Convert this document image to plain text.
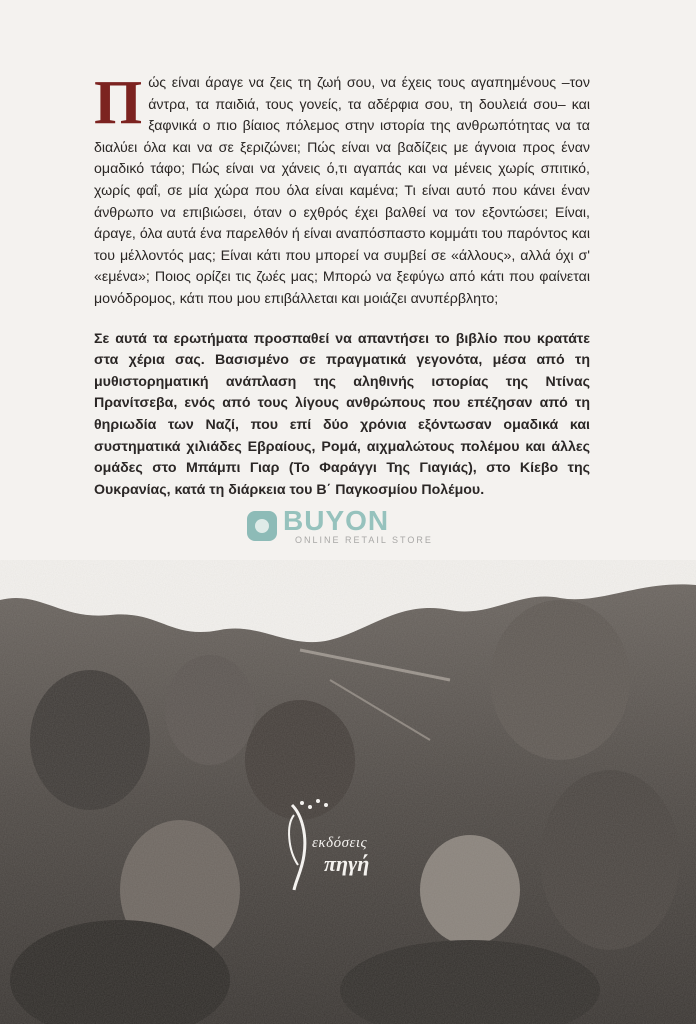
Πώς είναι άραγε να ζεις τη ζωή σου, να έχεις τους αγαπημένους –τον άντρα, τα παιδιά, τους γονείς, τα αδέρφια σου, τη δουλειά σου– και ξαφνικά ο πιο βίαιος πόλεμος στην ιστορία της ανθρωπότητας να τα διαλύει όλα και να σε ξεριζώνει; Πώς είναι να βαδίζεις με άγνοια προς έναν ομαδικό τάφο; Πώς είναι να χάνεις ό,τι αγαπάς και να μένεις χωρίς σπιτικό, χωρίς φαΐ, σε μία χώρα που όλα είναι καμένα; Τι είναι αυτό που κάνει έναν άνθρωπο να επιβιώσει, όταν ο εχθρός έχει βαλθεί να τον εξοντώσει; Είναι, άραγε, όλα αυτά ένα παρελθόν ή είναι αναπόσπαστο κομμάτι του παρόντος και του μέλλοντός μας; Είναι κάτι που μπορεί να συμβεί σε «άλλους», αλλά όχι σ' «εμένα»; Ποιος ορίζει τις ζωές μας; Μπορώ να ξεφύγω από κάτι που φαίνεται μονόδρομος, κάτι που μου επιβάλλεται και μοιάζει ανυπέρβλητο;

Σε αυτά τα ερωτήματα προσπαθεί να απαντήσει το βιβλίο που κρατάτε στα χέρια σας. Βασισμένο σε πραγματικά γεγονότα, μέσα από τη μυθιστορηματική ανάπλαση της αληθινής ιστορίας της Ντίνας Πρανίτσεβα, ενός από τους λίγους ανθρώπους που επέζησαν από τη θηριωδία των Ναζί, που επί δύο χρόνια εξόντωσαν ομαδικά και συστηματικά χιλιάδες Εβραίους, Ρομά, αιχμαλώτους πολέμου και άλλες ομάδες στο Μπάμπι Γιαρ (Το Φαράγγι Της Γιαγιάς), στο Κίεβο της Ουκρανίας, κατά τη διάρκεια του Β΄ Παγκοσμίου Πολέμου.

BUYON
ONLINE RETAIL STORE
εκδόσεις
πηγή
